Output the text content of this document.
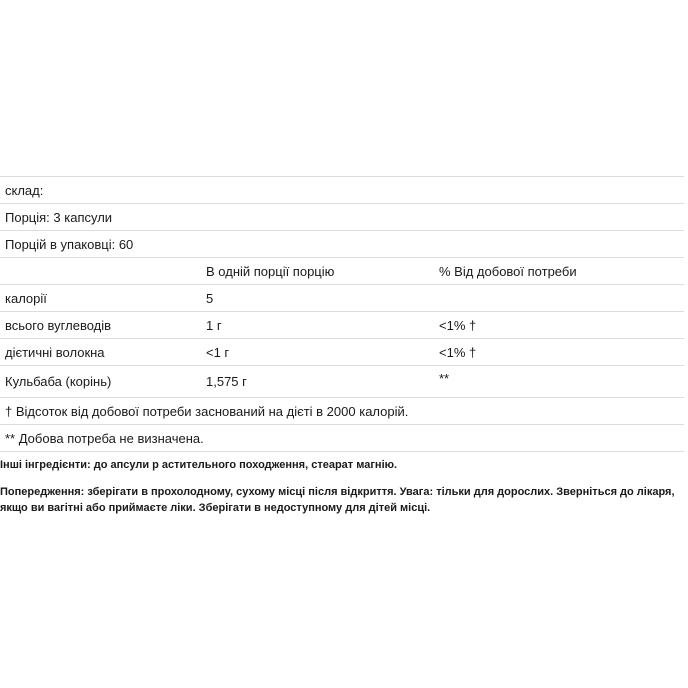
склад:		
Порція: 3 капсули		
Порцій в упаковці: 60		
	В одній порції порцію	% Від добової потреби
калорії	5	
всього вуглеводів	1 г	<1% †
дієтичні волокна	<1 г	<1% †
Кульбаба (корінь)	1,575 г	**
† Відсоток від добової потреби заснований на дієті в 2000 калорій.		
** Добова потреба не визначена.		
Інші інгредієнти: до апсули р астительного походження, стеарат магнію.
Попередження: зберігати в прохолодному, сухому місці після відкриття. Увага: тільки для дорослих. Зверніться до лікаря, якщо ви вагітні або приймаєте ліки. Зберігати в недоступному для дітей місці.
